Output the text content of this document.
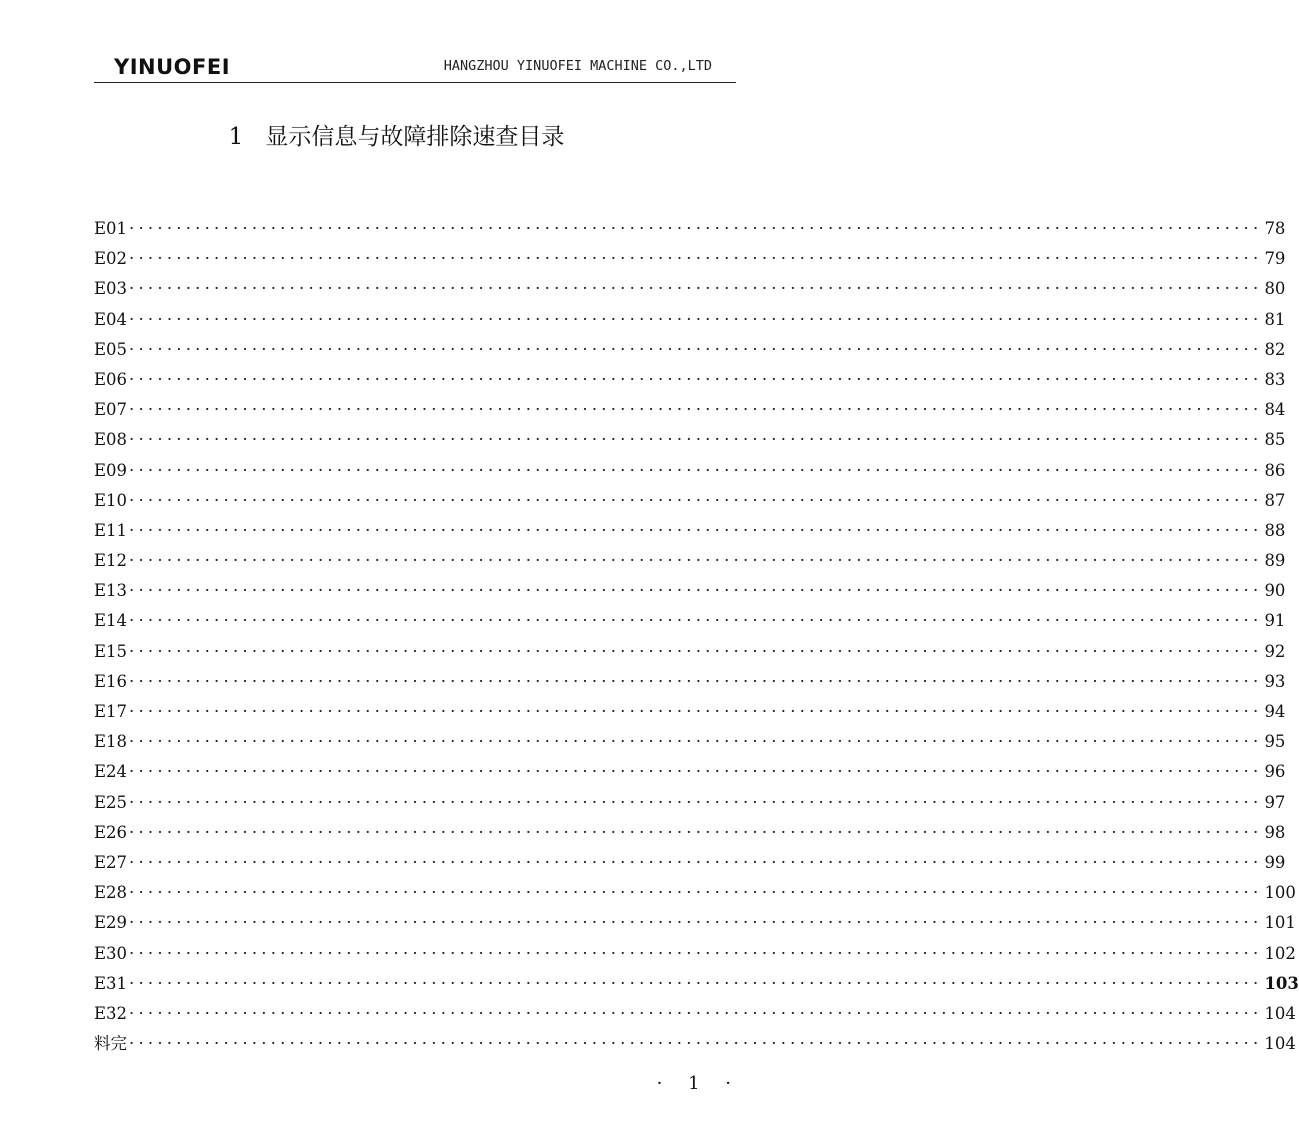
YINUOFEI	HANGZHOU YINUOFEI MACHINE CO.,LTD
1 显示信息与故障排除速查目录
E01 ························································································································ 78
E02 ························································································································ 79
E03 ························································································································ 80
E04 ························································································································ 81
E05 ························································································································ 82
E06 ························································································································ 83
E07 ························································································································ 84
E08 ························································································································ 85
E09 ························································································································ 86
E10 ························································································································ 87
E11 ························································································································ 88
E12 ························································································································ 89
E13 ························································································································ 90
E14 ························································································································ 91
E15 ························································································································ 92
E16 ························································································································ 93
E17 ························································································································ 94
E18 ························································································································ 95
E24 ························································································································ 96
E25 ························································································································ 97
E26 ························································································································ 98
E27 ························································································································ 99
E28 ························································································································ 100
E29 ························································································································ 101
E30 ························································································································ 102
E31 ························································································································ 103
E32 ························································································································ 104
料完 ························································································································ 104
· 1 ·
